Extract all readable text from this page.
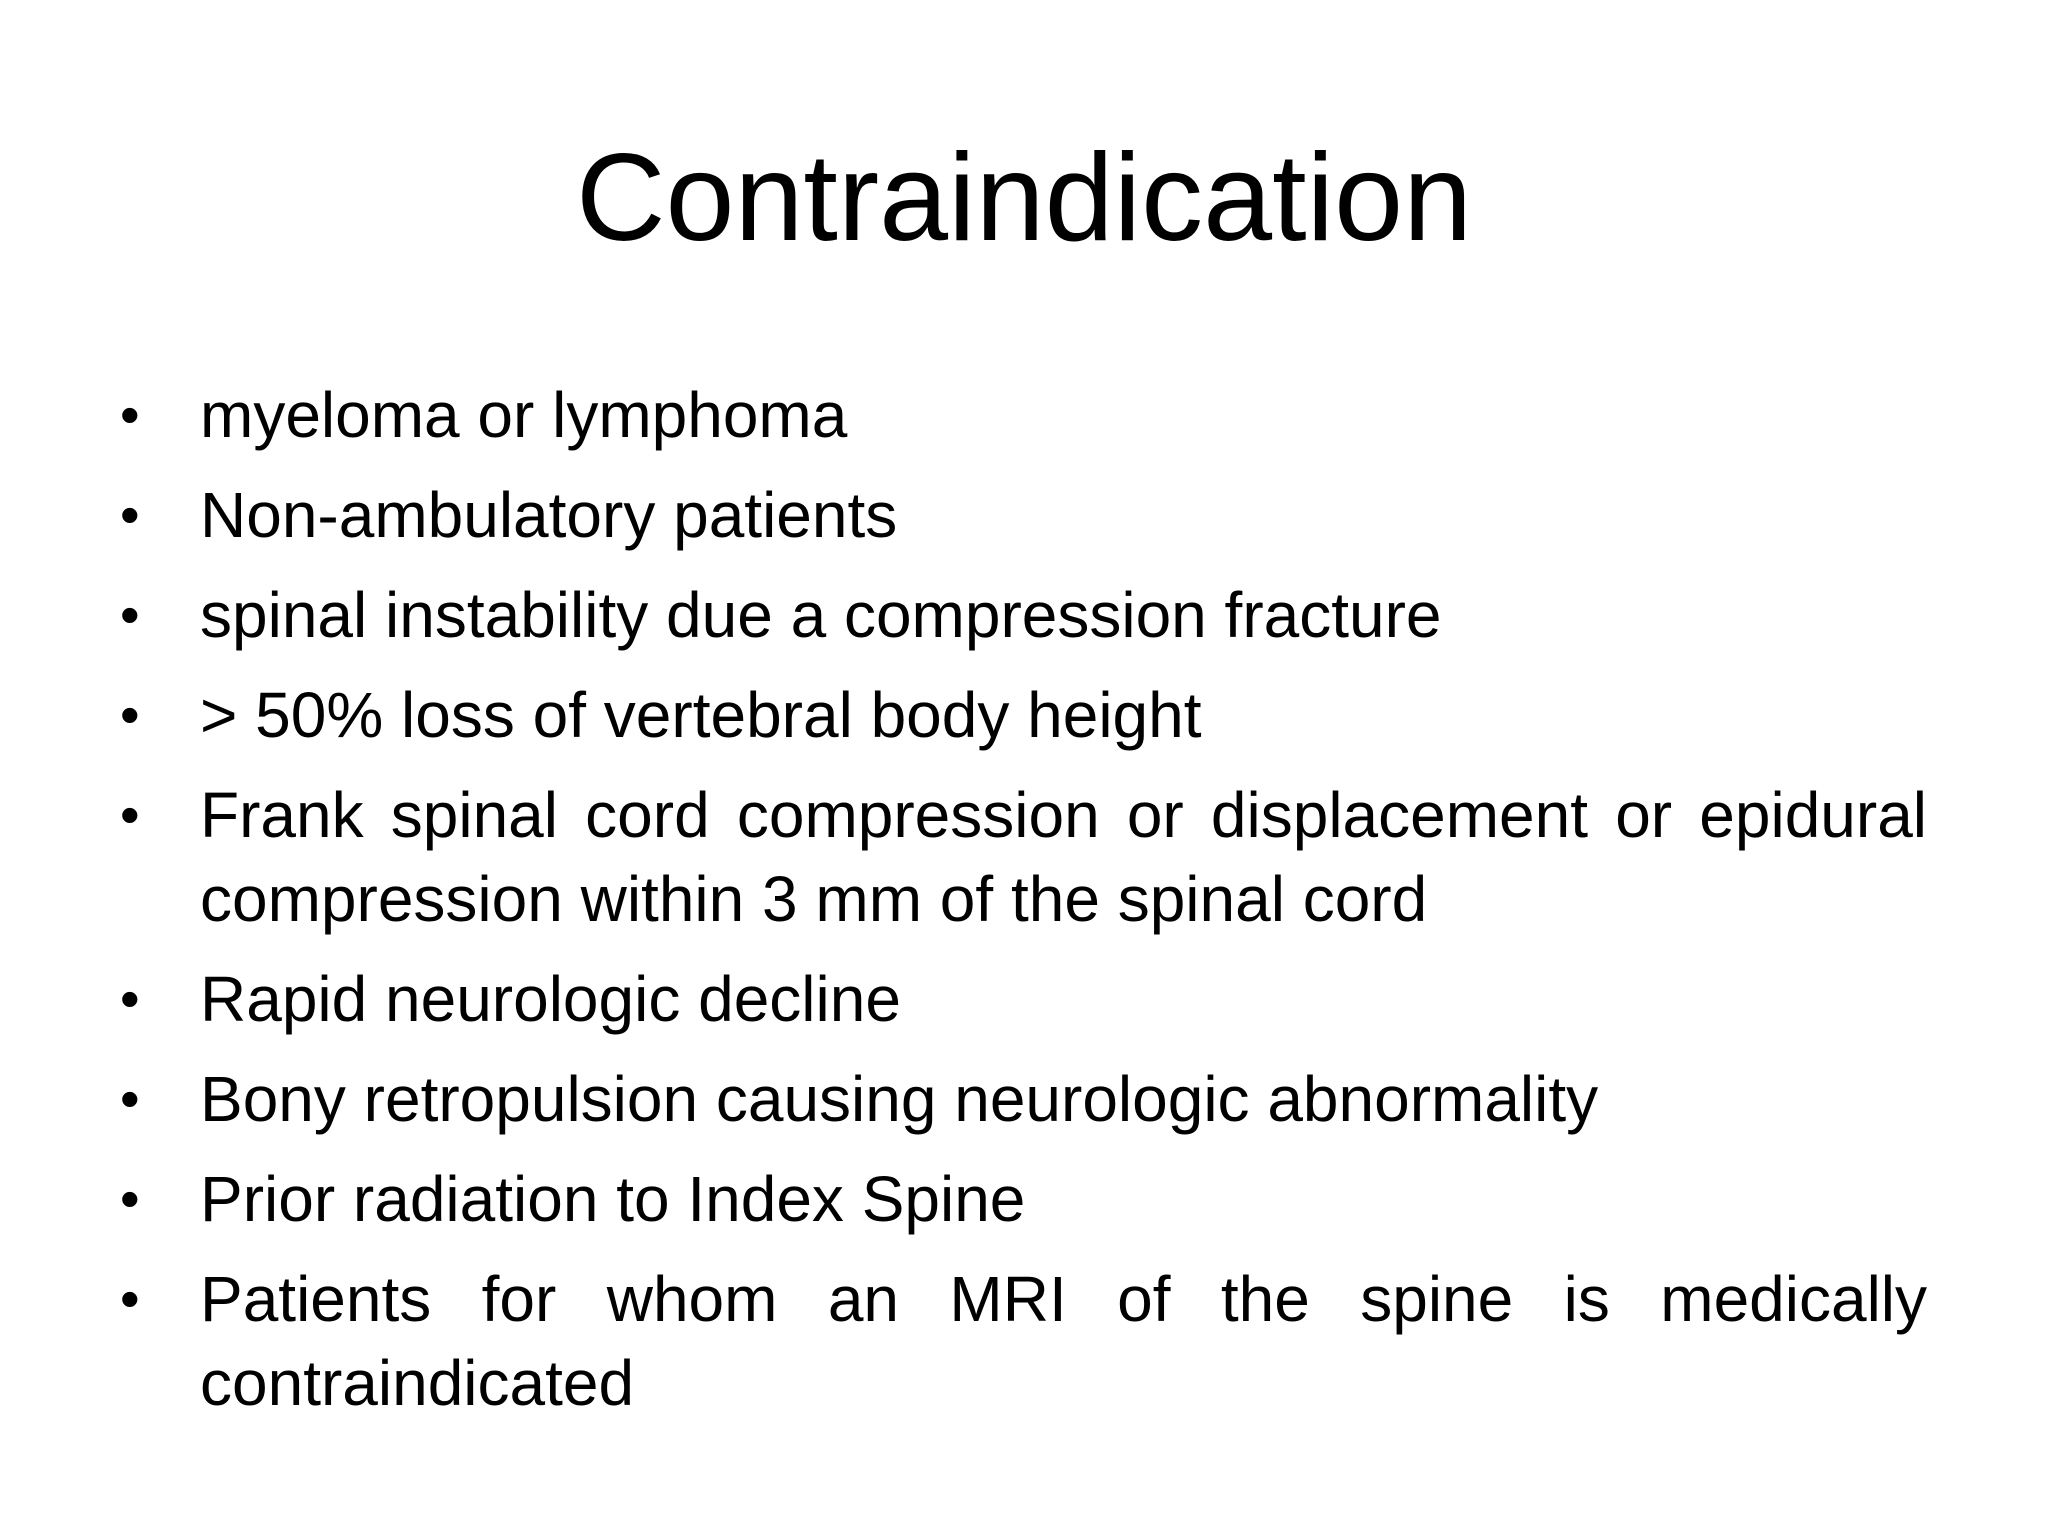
Contraindication
• myeloma or lymphoma
• Non-ambulatory patients
• spinal instability due a compression fracture
• > 50% loss of vertebral body height
• Frank spinal cord compression or displacement or epidural compression within 3 mm of the spinal cord
• Rapid neurologic decline
• Bony retropulsion causing neurologic abnormality
• Prior radiation to Index Spine
• Patients for whom an MRI of the spine is medically contraindicated
